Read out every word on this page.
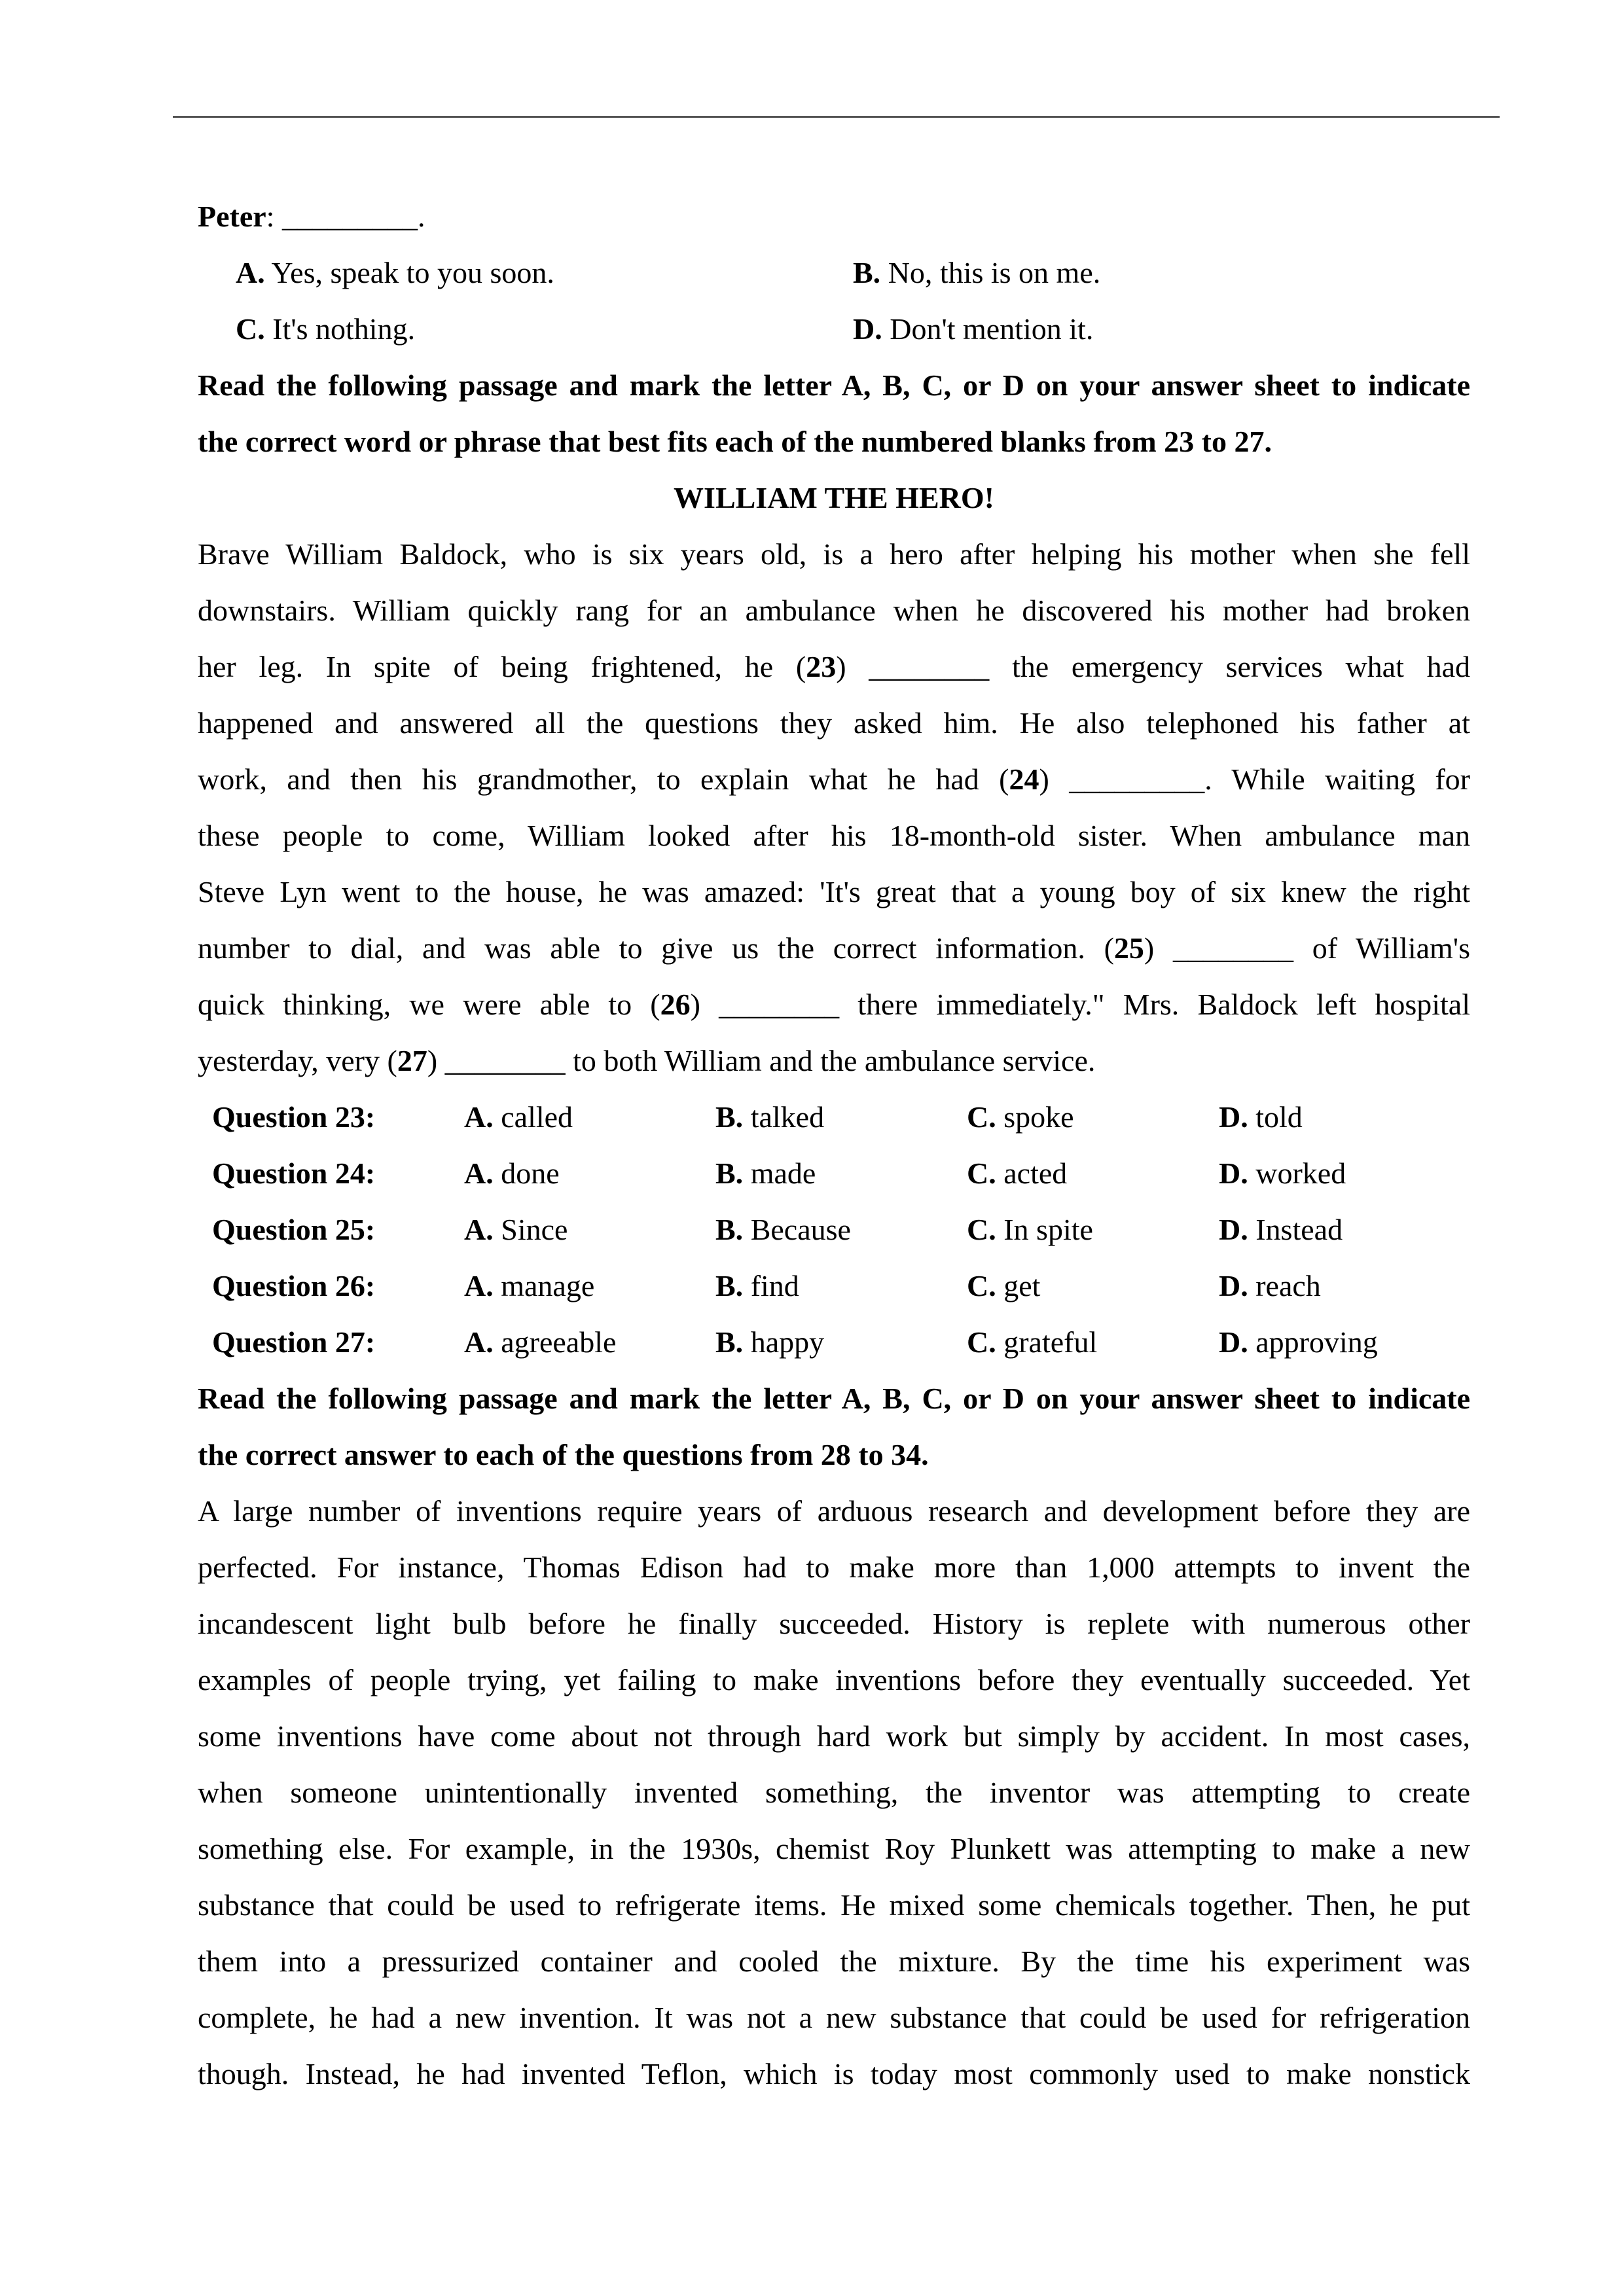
Peter: _________.
A. Yes, speak to you soon.	B. No, this is on me.
C. It's nothing.	D. Don't mention it.
Read the following passage and mark the letter A, B, C, or D on your answer sheet to indicate
the correct word or phrase that best fits each of the numbered blanks from 23 to 27.
WILLIAM THE HERO!
Brave William Baldock, who is six years old, is a hero after helping his mother when she fell
downstairs. William quickly rang for an ambulance when he discovered his mother had broken
her leg. In spite of being frightened, he (23) ________ the emergency services what had
happened and answered all the questions they asked him. He also telephoned his father at
work, and then his grandmother, to explain what he had (24) _________. While waiting for
these people to come, William looked after his 18-month-old sister. When ambulance man
Steve Lyn went to the house, he was amazed: 'It's great that a young boy of six knew the right
number to dial, and was able to give us the correct information. (25) ________ of William's
quick thinking, we were able to (26) ________ there immediately." Mrs. Baldock left hospital
yesterday, very (27) ________ to both William and the ambulance service.
Question 23:	A. called	B. talked	C. spoke	D. told
Question 24:	A. done	B. made	C. acted	D. worked
Question 25:	A. Since	B. Because	C. In spite	D. Instead
Question 26:	A. manage	B. find	C. get	D. reach
Question 27:	A. agreeable	B. happy	C. grateful	D. approving
Read the following passage and mark the letter A, B, C, or D on your answer sheet to indicate
the correct answer to each of the questions from 28 to 34.
A large number of inventions require years of arduous research and development before they are
perfected. For instance, Thomas Edison had to make more than 1,000 attempts to invent the
incandescent light bulb before he finally succeeded. History is replete with numerous other
examples of people trying, yet failing to make inventions before they eventually succeeded. Yet
some inventions have come about not through hard work but simply by accident. In most cases,
when someone unintentionally invented something, the inventor was attempting to create
something else. For example, in the 1930s, chemist Roy Plunkett was attempting to make a new
substance that could be used to refrigerate items. He mixed some chemicals together. Then, he put
them into a pressurized container and cooled the mixture. By the time his experiment was
complete, he had a new invention. It was not a new substance that could be used for refrigeration
though. Instead, he had invented Teflon, which is today most commonly used to make nonstick
